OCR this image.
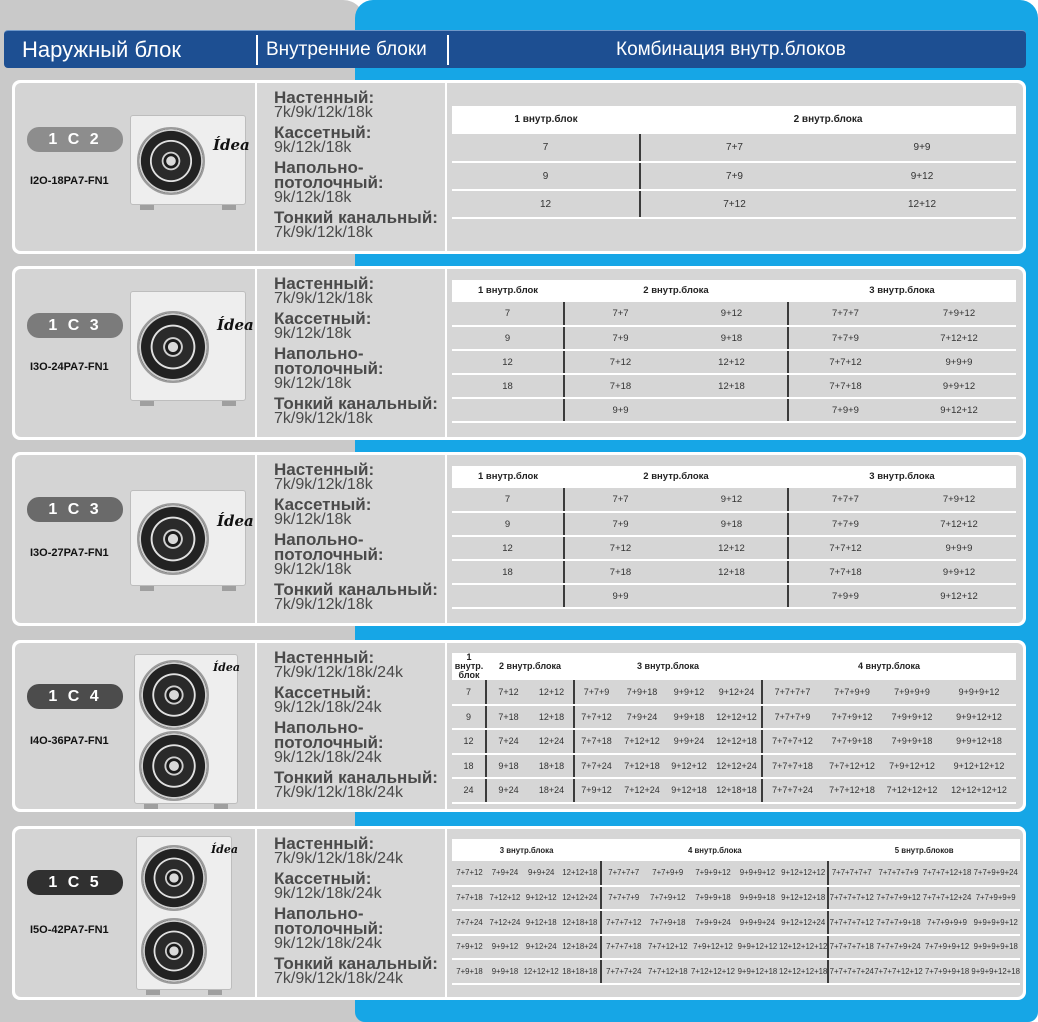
Наружный блок	Внутренние блоки	Комбинация внутр.блоков
1 C 2
I2O-18PA7-FN1
Ídea
Настенный:
7k/9k/12k/18k
Кассетный:
9k/12k/18k
Напольно-
потолочный:
9k/12k/18k
Тонкий канальный:
7k/9k/12k/18k
1 внутр.блок	2 внутр.блока	
7	7+7	9+9
9	7+9	9+12
12	7+12	12+12
1 C 3
I3O-24PA7-FN1
Ídea
Настенный:
7k/9k/12k/18k
Кассетный:
9k/12k/18k
Напольно-
потолочный:
9k/12k/18k
Тонкий канальный:
7k/9k/12k/18k
1 внутр.блок	2 внутр.блока		3 внутр.блока	
7	7+7	9+12	7+7+7	7+9+12
9	7+9	9+18	7+7+9	7+12+12
12	7+12	12+12	7+7+12	9+9+9
18	7+18	12+18	7+7+18	9+9+12
	9+9		7+9+9	9+12+12
1 C 3
I3O-27PA7-FN1
Ídea
Настенный:
7k/9k/12k/18k
Кассетный:
9k/12k/18k
Напольно-
потолочный:
9k/12k/18k
Тонкий канальный:
7k/9k/12k/18k
1 внутр.блок	2 внутр.блока		3 внутр.блока	
7	7+7	9+12	7+7+7	7+9+12
9	7+9	9+18	7+7+9	7+12+12
12	7+12	12+12	7+7+12	9+9+9
18	7+18	12+18	7+7+18	9+9+12
	9+9		7+9+9	9+12+12
1 C 4
I4O-36PA7-FN1
Ídea
Настенный:
7k/9k/12k/18k/24k
Кассетный:
9k/12k/18k/24k
Напольно-
потолочный:
9k/12k/18k/24k
Тонкий канальный:
7k/9k/12k/18k/24k
1 внутр. блок	2 внутр.блока		3 внутр.блока				4 внутр.блока			
7	7+12	12+12	7+7+9	7+9+18	9+9+12	9+12+24	7+7+7+7	7+7+9+9	7+9+9+9	9+9+9+12
9	7+18	12+18	7+7+12	7+9+24	9+9+18	12+12+12	7+7+7+9	7+7+9+12	7+9+9+12	9+9+12+12
12	7+24	12+24	7+7+18	7+12+12	9+9+24	12+12+18	7+7+7+12	7+7+9+18	7+9+9+18	9+9+12+18
18	9+18	18+18	7+7+24	7+12+18	9+12+12	12+12+24	7+7+7+18	7+7+12+12	7+9+12+12	9+12+12+12
24	9+24	18+24	7+9+12	7+12+24	9+12+18	12+18+18	7+7+7+24	7+7+12+18	7+12+12+12	12+12+12+12
1 C 5
I5O-42PA7-FN1
Ídea Настенный:
7k/9k/12k/18k/24k
Кассетный:
9k/12k/18k/24k
Напольно-
потолочный:
9k/12k/18k/24k
Тонкий канальный:
7k/9k/12k/18k/24k
3 внутр.блока				4 внутр.блока					5 внутр.блоков			
7+7+12	7+9+24	9+9+24	12+12+18	7+7+7+7	7+7+9+9	7+9+9+12	9+9+9+12	9+12+12+12	7+7+7+7+7	7+7+7+7+9	7+7+7+12+18	7+7+9+9+24
7+7+18	7+12+12	9+12+12	12+12+24	7+7+7+9	7+7+9+12	7+9+9+18	9+9+9+18	9+12+12+18	7+7+7+7+12	7+7+7+9+12	7+7+7+12+24	7+7+9+9+9
7+7+24	7+12+24	9+12+18	12+18+18	7+7+7+12	7+7+9+18	7+9+9+24	9+9+9+24	9+12+12+24	7+7+7+7+12	7+7+7+9+18	7+7+9+9+9	9+9+9+9+12
7+9+12	9+9+12	9+12+24	12+18+24	7+7+7+18	7+7+12+12	7+9+12+12	9+9+12+12	12+12+12+12	7+7+7+7+18	7+7+7+9+24	7+7+9+9+12	9+9+9+9+18
7+9+18	9+9+18	12+12+12	18+18+18	7+7+7+24	7+7+12+18	7+12+12+12	9+9+12+18	12+12+12+18	7+7+7+7+24	7+7+7+12+12	7+7+9+9+18	9+9+9+12+18
